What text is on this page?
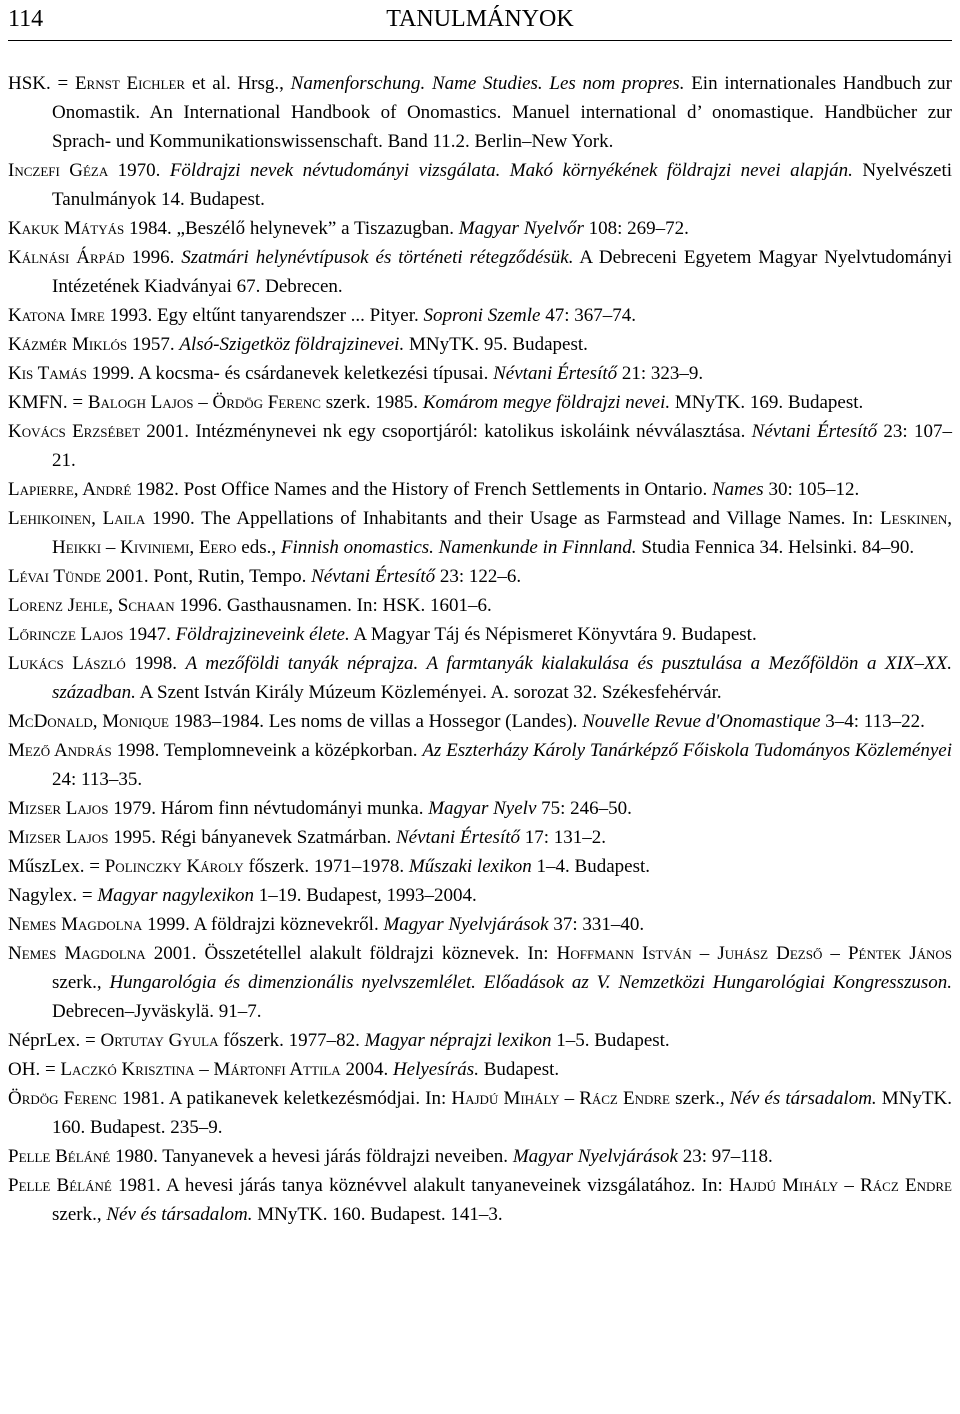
114	TANULMÁNYOK
HSK. = Ernst Eichler et al. Hrsg., Namenforschung. Name Studies. Les nom propres. Ein internationales Handbuch zur Onomastik. An International Handbook of Onomastics. Manuel international d’ onomastique. Handbücher zur Sprach- und Kommunikationswissenschaft. Band 11.2. Berlin–New York.
Inczefi Géza 1970. Földrajzi nevek névtudományi vizsgálata. Makó környékének földrajzi nevei alapján. Nyelvészeti Tanulmányok 14. Budapest.
Kakuk Mátyás 1984. „Beszélő helynevek” a Tiszazugban. Magyar Nyelvőr 108: 269–72.
Kálnási Árpád 1996. Szatmári helynévtípusok és történeti rétegződésük. A Debreceni Egyetem Magyar Nyelvtudományi Intézetének Kiadványai 67. Debrecen.
Katona Imre 1993. Egy eltűnt tanyarendszer ... Pityer. Soproni Szemle 47: 367–74.
Kázmér Miklós 1957. Alsó-Szigetköz földrajzinevei. MNyTK. 95. Budapest.
Kis Tamás 1999. A kocsma- és csárdanevek keletkezési típusai. Névtani Értesítő 21: 323–9.
KMFN. = Balogh Lajos – Ördög Ferenc szerk. 1985. Komárom megye földrajzi nevei. MNyTK. 169. Budapest.
Kovács Erzsébet 2001. Intézménynevei nk egy csoportjáról: katolikus iskoláink névválasztása. Névtani Értesítő 23: 107–21.
Lapierre, André 1982. Post Office Names and the History of French Settlements in Ontario. Names 30: 105–12.
Lehikoinen, Laila 1990. The Appellations of Inhabitants and their Usage as Farmstead and Village Names. In: Leskinen, Heikki – Kiviniemi, Eero eds., Finnish onomastics. Namenkunde in Finnland. Studia Fennica 34. Helsinki. 84–90.
Lévai Tünde 2001. Pont, Rutin, Tempo. Névtani Értesítő 23: 122–6.
Lorenz Jehle, Schaan 1996. Gasthausnamen. In: HSK. 1601–6.
Lőrincze Lajos 1947. Földrajzineveink élete. A Magyar Táj és Népismeret Könyvtára 9. Budapest.
Lukács László 1998. A mezőföldi tanyák néprajza. A farmtanyák kialakulása és pusztulása a Mezőföldön a XIX–XX. században. A Szent István Király Múzeum Közleményei. A. sorozat 32. Székesfehérvár.
McDonald, Monique 1983–1984. Les noms de villas a Hossegor (Landes). Nouvelle Revue d'Onomastique 3–4: 113–22.
Mező András 1998. Templomneveink a középkorban. Az Eszterházy Károly Tanárképző Főiskola Tudományos Közleményei 24: 113–35.
Mizser Lajos 1979. Három finn névtudományi munka. Magyar Nyelv 75: 246–50.
Mizser Lajos 1995. Régi bányanevek Szatmárban. Névtani Értesítő 17: 131–2.
MűszLex. = Polinczky Károly főszerk. 1971–1978. Műszaki lexikon 1–4. Budapest.
Nagylex. = Magyar nagylexikon 1–19. Budapest, 1993–2004.
Nemes Magdolna 1999. A földrajzi köznevekről. Magyar Nyelvjárások 37: 331–40.
Nemes Magdolna 2001. Összetétellel alakult földrajzi köznevek. In: Hoffmann István – Juhász Dezső – Péntek János szerk., Hungarológia és dimenzionális nyelvszemlélet. Előadások az V. Nemzetközi Hungarológiai Kongresszuson. Debrecen–Jyväskylä. 91–7.
NéprLex. = Ortutay Gyula főszerk. 1977–82. Magyar néprajzi lexikon 1–5. Budapest.
OH. = Laczkó Krisztina – Mártonfi Attila 2004. Helyesírás. Budapest.
Ördög Ferenc 1981. A patikanevek keletkezésmódjai. In: Hajdú Mihály – Rácz Endre szerk., Név és társadalom. MNyTK. 160. Budapest. 235–9.
Pelle Béláné 1980. Tanyanevek a hevesi járás földrajzi neveiben. Magyar Nyelvjárások 23: 97–118.
Pelle Béláné 1981. A hevesi járás tanya köznévvel alakult tanyaneveinek vizsgálatához. In: Hajdú Mihály – Rácz Endre szerk., Név és társadalom. MNyTK. 160. Budapest. 141–3.
